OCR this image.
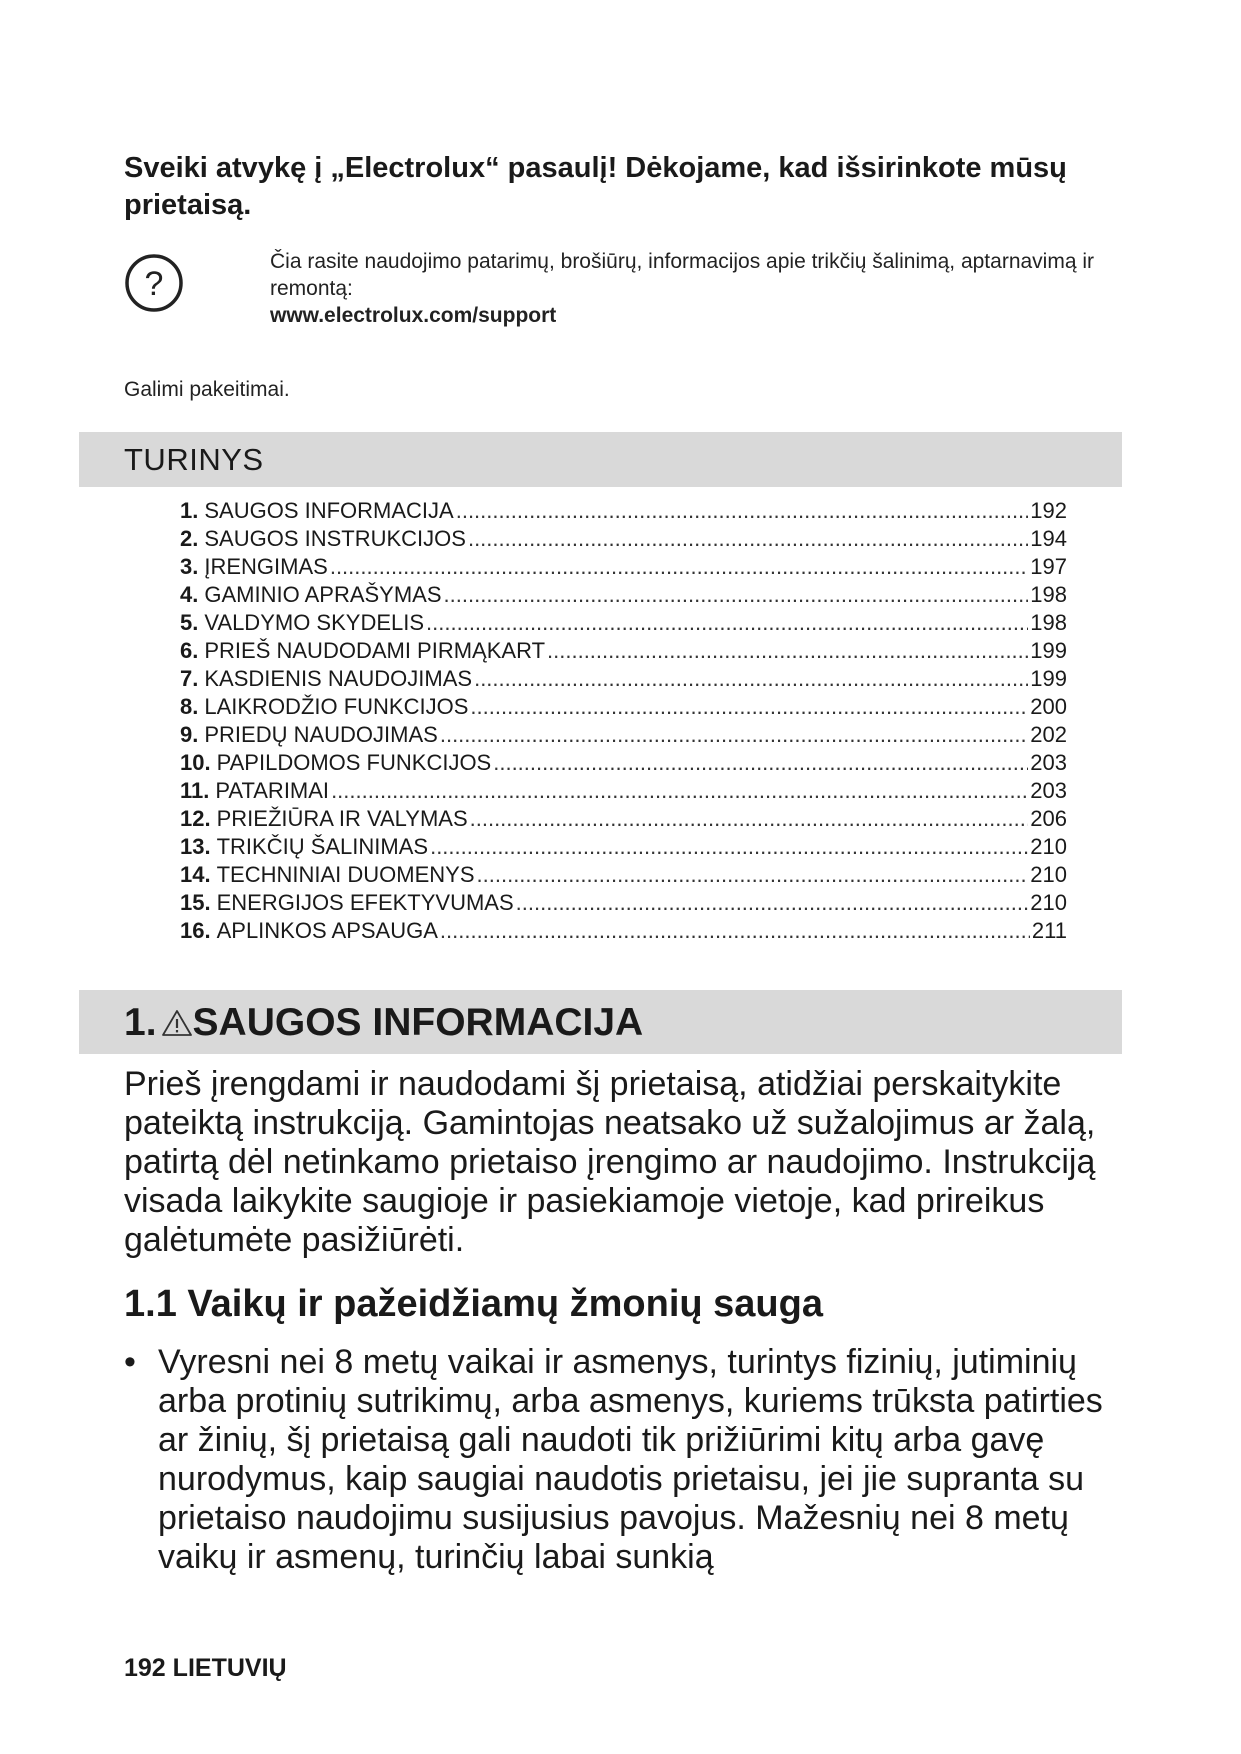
Sveiki atvykę į „Electrolux“ pasaulį! Dėkojame, kad išsirinkote mūsų prietaisą.
?
Čia rasite naudojimo patarimų, brošiūrų, informacijos apie trikčių šalinimą, aptarnavimą ir remontą:
www.electrolux.com/support
Galimi pakeitimai.
TURINYS
1. SAUGOS INFORMACIJA .....	192
2. SAUGOS INSTRUKCIJOS .....	194
3. ĮRENGIMAS .....	197
4. GAMINIO APRAŠYMAS .....	198
5. VALDYMO SKYDELIS .....	198
6. PRIEŠ NAUDODAMI PIRMĄKART .....	199
7. KASDIENIS NAUDOJIMAS .....	199
8. LAIKRODŽIO FUNKCIJOS .....	200
9. PRIEDŲ NAUDOJIMAS .....	202
10. PAPILDOMOS FUNKCIJOS .....	203
11. PATARIMAI .....	203
12. PRIEŽIŪRA IR VALYMAS .....	206
13. TRIKČIŲ ŠALINIMAS .....	210
14. TECHNINIAI DUOMENYS .....	210
15. ENERGIJOS EFEKTYVUMAS .....	210
16. APLINKOS APSAUGA .....	211
1. SAUGOS INFORMACIJA
Prieš įrengdami ir naudodami šį prietaisą, atidžiai perskaitykite pateiktą instrukciją. Gamintojas neatsako už sužalojimus ar žalą, patirtą dėl netinkamo prietaiso įrengimo ar naudojimo. Instrukciją visada laikykite saugioje ir pasiekiamoje vietoje, kad prireikus galėtumėte pasižiūrėti.
1.1 Vaikų ir pažeidžiamų žmonių sauga
• Vyresni nei 8 metų vaikai ir asmenys, turintys fizinių, jutiminių arba protinių sutrikimų, arba asmenys, kuriems trūksta patirties ar žinių, šį prietaisą gali naudoti tik prižiūrimi kitų arba gavę nurodymus, kaip saugiai naudotis prietaisu, jei jie supranta su prietaiso naudojimu susijusius pavojus. Mažesnių nei 8 metų vaikų ir asmenų, turinčių labai sunkią
192 LIETUVIŲ
